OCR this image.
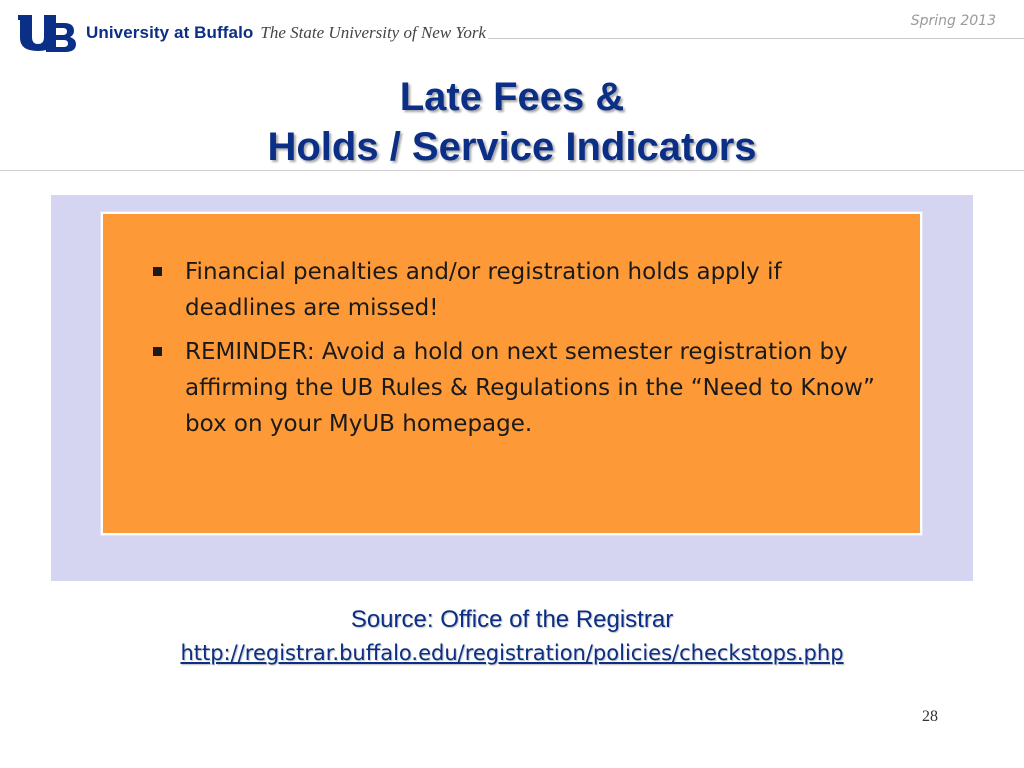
University at Buffalo The State University of New York
Spring 2013
Late Fees &
Holds / Service Indicators
Financial penalties and/or registration holds apply if deadlines are missed!
REMINDER: Avoid a hold on next semester registration by affirming the UB Rules & Regulations in the “Need to Know” box on your MyUB homepage.
Source: Office of the Registrar
http://registrar.buffalo.edu/registration/policies/checkstops.php
28
